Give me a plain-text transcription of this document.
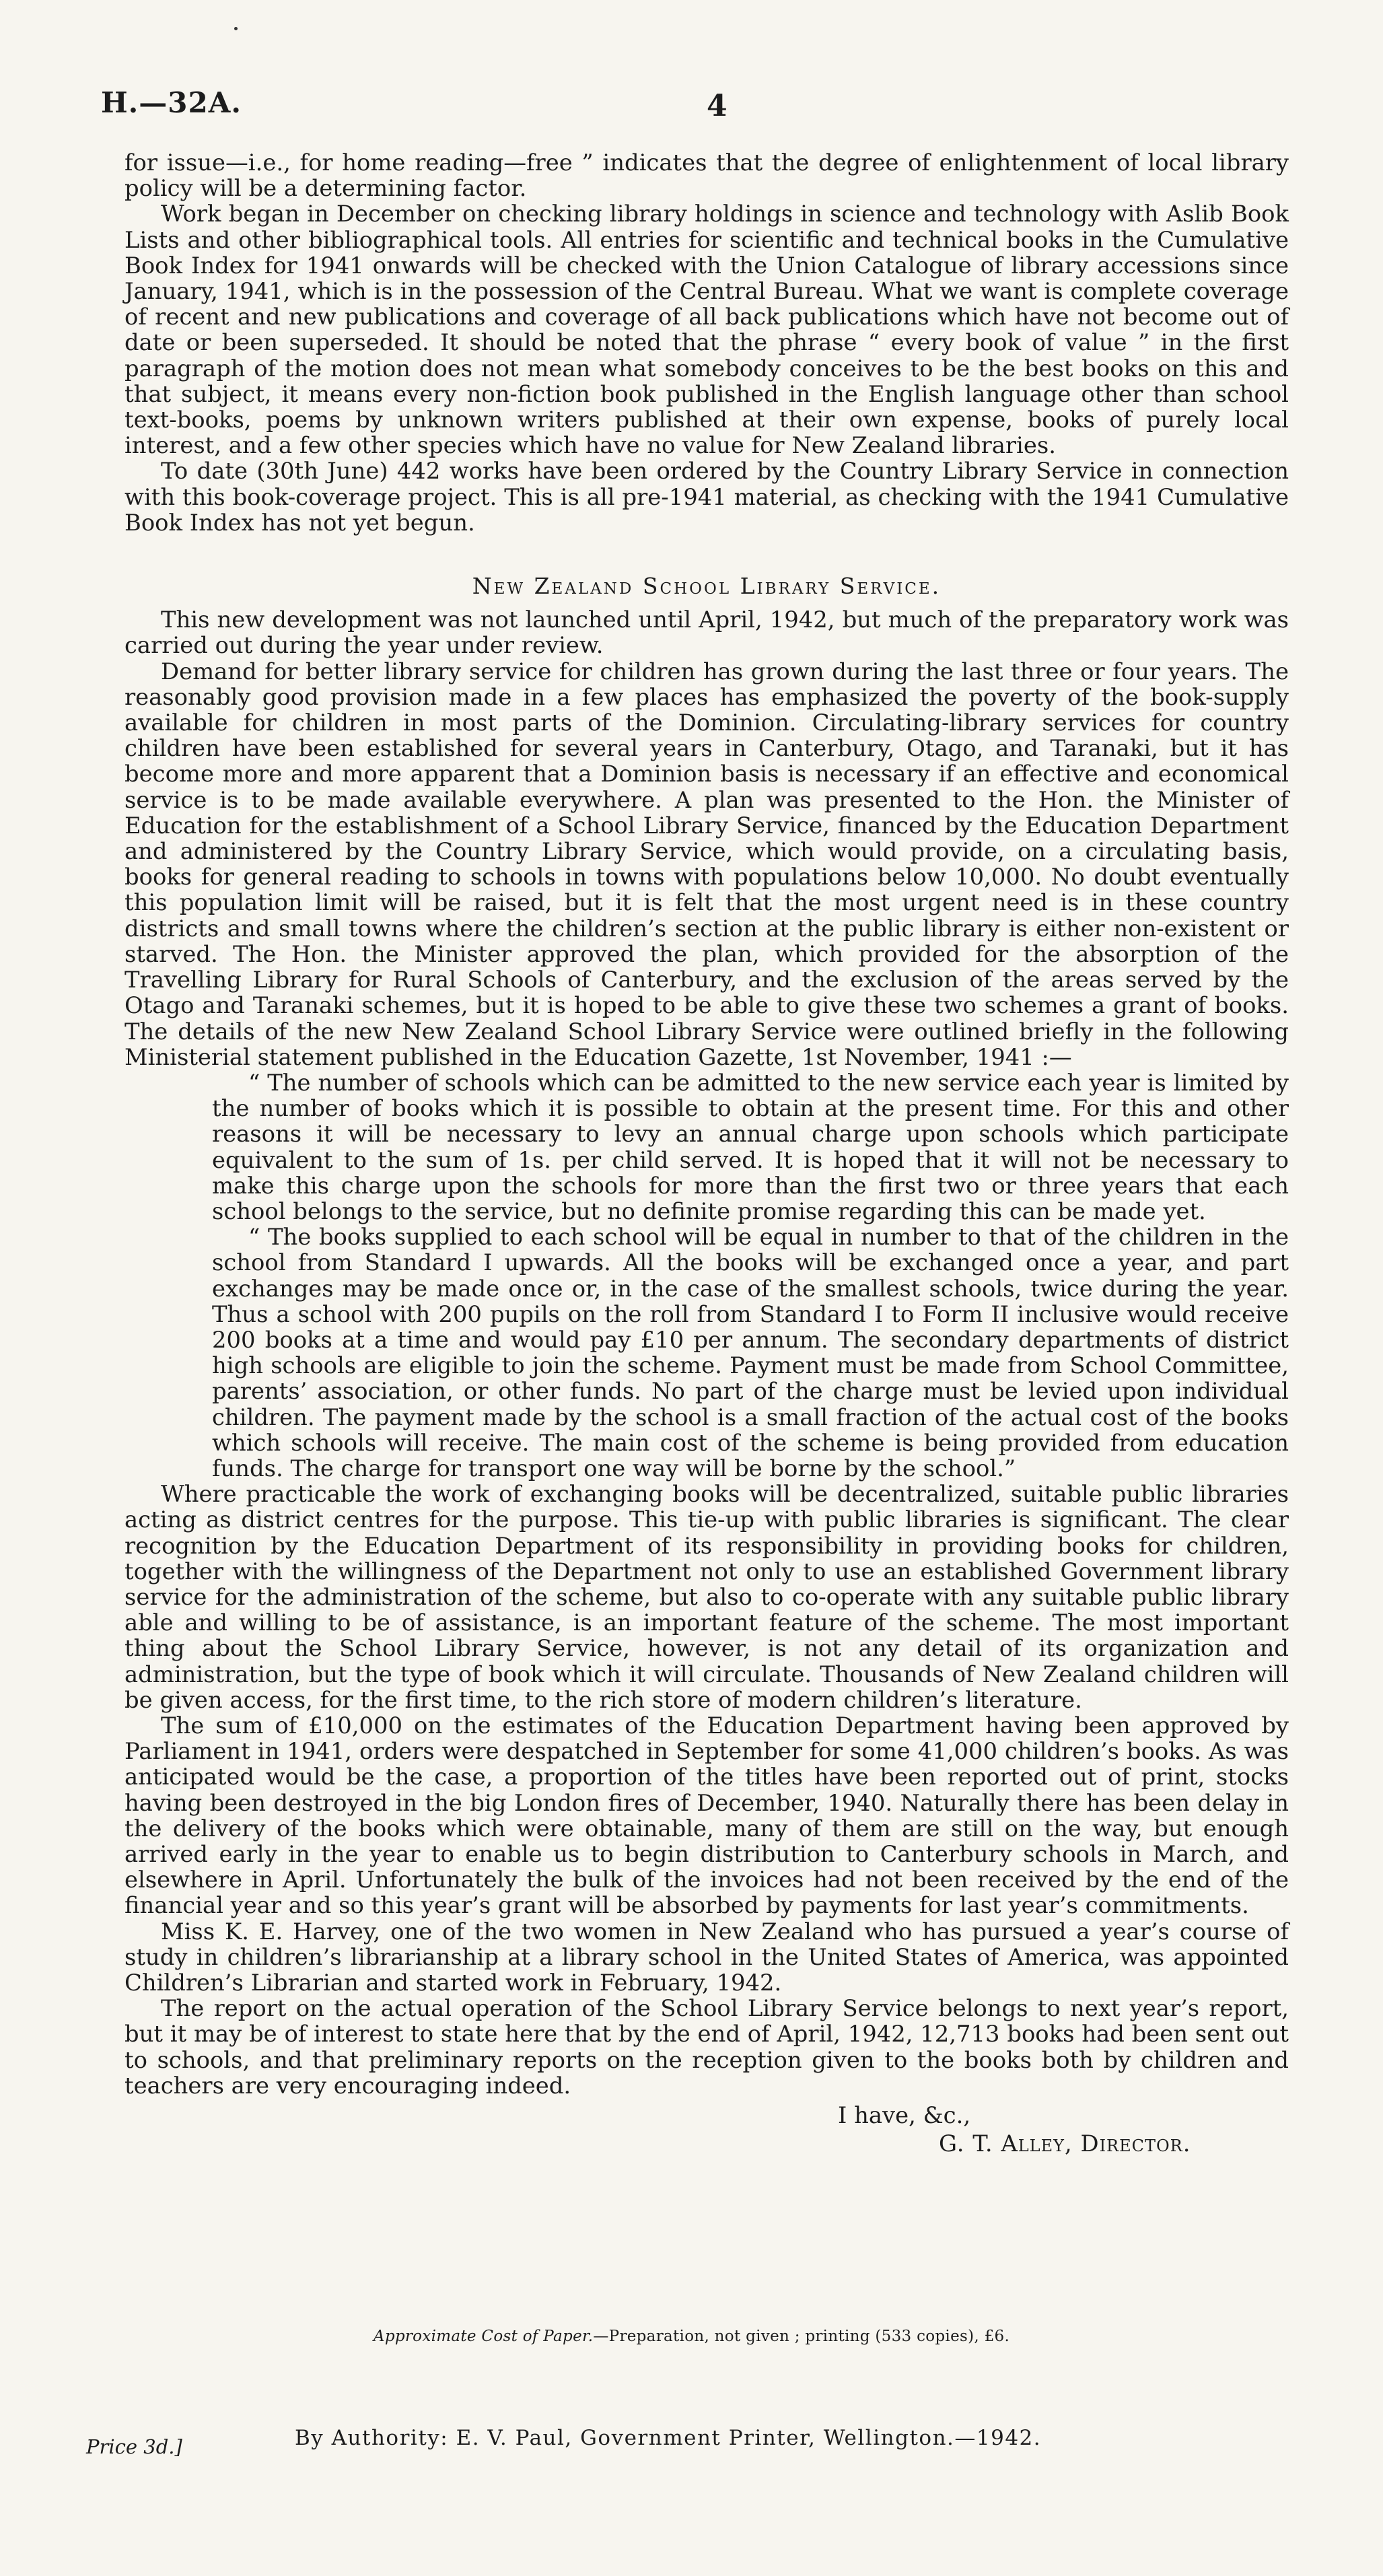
H.—32A.	4

for issue—i.e., for home reading—free ” indicates that the degree of enlightenment of local library policy will be a determining factor.

Work began in December on checking library holdings in science and technology with Aslib Book Lists and other bibliographical tools. All entries for scientific and technical books in the Cumulative Book Index for 1941 onwards will be checked with the Union Catalogue of library accessions since January, 1941, which is in the possession of the Central Bureau. What we want is complete coverage of recent and new publications and coverage of all back publications which have not become out of date or been superseded. It should be noted that the phrase “ every book of value ” in the first paragraph of the motion does not mean what somebody conceives to be the best books on this and that subject, it means every non-fiction book published in the English language other than school text-books, poems by unknown writers published at their own expense, books of purely local interest, and a few other species which have no value for New Zealand libraries.

To date (30th June) 442 works have been ordered by the Country Library Service in connection with this book-coverage project. This is all pre-1941 material, as checking with the 1941 Cumulative Book Index has not yet begun.

New Zealand School Library Service.

This new development was not launched until April, 1942, but much of the preparatory work was carried out during the year under review.

Demand for better library service for children has grown during the last three or four years. The reasonably good provision made in a few places has emphasized the poverty of the book-supply available for children in most parts of the Dominion. Circulating-library services for country children have been established for several years in Canterbury, Otago, and Taranaki, but it has become more and more apparent that a Dominion basis is necessary if an effective and economical service is to be made available everywhere. A plan was presented to the Hon. the Minister of Education for the establishment of a School Library Service, financed by the Education Department and administered by the Country Library Service, which would provide, on a circulating basis, books for general reading to schools in towns with populations below 10,000. No doubt eventually this population limit will be raised, but it is felt that the most urgent need is in these country districts and small towns where the children’s section at the public library is either non-existent or starved. The Hon. the Minister approved the plan, which provided for the absorption of the Travelling Library for Rural Schools of Canterbury, and the exclusion of the areas served by the Otago and Taranaki schemes, but it is hoped to be able to give these two schemes a grant of books. The details of the new New Zealand School Library Service were outlined briefly in the following Ministerial statement published in the Education Gazette, 1st November, 1941 :—

“ The number of schools which can be admitted to the new service each year is limited by the number of books which it is possible to obtain at the present time. For this and other reasons it will be necessary to levy an annual charge upon schools which participate equivalent to the sum of 1s. per child served. It is hoped that it will not be necessary to make this charge upon the schools for more than the first two or three years that each school belongs to the service, but no definite promise regarding this can be made yet.

“ The books supplied to each school will be equal in number to that of the children in the school from Standard I upwards. All the books will be exchanged once a year, and part exchanges may be made once or, in the case of the smallest schools, twice during the year. Thus a school with 200 pupils on the roll from Standard I to Form II inclusive would receive 200 books at a time and would pay £10 per annum. The secondary departments of district high schools are eligible to join the scheme. Payment must be made from School Committee, parents’ association, or other funds. No part of the charge must be levied upon individual children. The payment made by the school is a small fraction of the actual cost of the books which schools will receive. The main cost of the scheme is being provided from education funds. The charge for transport one way will be borne by the school.”

Where practicable the work of exchanging books will be decentralized, suitable public libraries acting as district centres for the purpose. This tie-up with public libraries is significant. The clear recognition by the Education Department of its responsibility in providing books for children, together with the willingness of the Department not only to use an established Government library service for the administration of the scheme, but also to co-operate with any suitable public library able and willing to be of assistance, is an important feature of the scheme. The most important thing about the School Library Service, however, is not any detail of its organization and administration, but the type of book which it will circulate. Thousands of New Zealand children will be given access, for the first time, to the rich store of modern children’s literature.

The sum of £10,000 on the estimates of the Education Department having been approved by Parliament in 1941, orders were despatched in September for some 41,000 children’s books. As was anticipated would be the case, a proportion of the titles have been reported out of print, stocks having been destroyed in the big London fires of December, 1940. Naturally there has been delay in the delivery of the books which were obtainable, many of them are still on the way, but enough arrived early in the year to enable us to begin distribution to Canterbury schools in March, and elsewhere in April. Unfortunately the bulk of the invoices had not been received by the end of the financial year and so this year’s grant will be absorbed by payments for last year’s commitments.

Miss K. E. Harvey, one of the two women in New Zealand who has pursued a year’s course of study in children’s librarianship at a library school in the United States of America, was appointed Children’s Librarian and started work in February, 1942.

The report on the actual operation of the School Library Service belongs to next year’s report, but it may be of interest to state here that by the end of April, 1942, 12,713 books had been sent out to schools, and that preliminary reports on the reception given to the books both by children and teachers are very encouraging indeed.

I have, &c.,
G. T. Alley, Director.
Approximate Cost of Paper.—Preparation, not given ; printing (533 copies), £6.
Price 3d.]	By Authority: E. V. Paul, Government Printer, Wellington.—1942.
